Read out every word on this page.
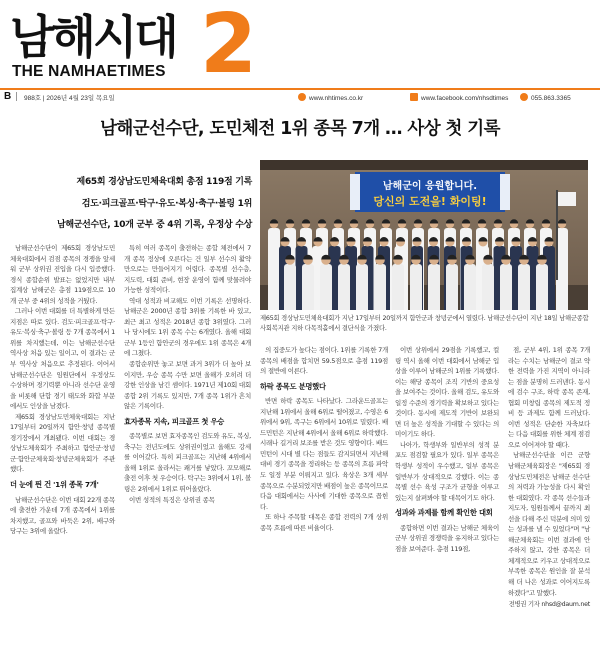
남해시대
THE NAMHAETIMES 2
B 988호 | 2026년 4월 23일 목요일	www.nhtimes.co.kr	www.facebook.com/nhsdtimes	055.863.3365
남해군선수단, 도민체전 1위 종목 7개 … 사상 첫 기록
제65회 경상남도민체육대회 총점 119점 기록
검도·피크골프·탁구·유도·복싱·축구·볼링 1위
남해군선수단, 10개 군부 중 4위 기록, 우정상 수상
남해군이 응원합니다.
당신의 도전을! 화이팅!
제65회 경상남도민체육대회가 지난 17일부터 20일까지 함안군과 창녕군에서 열렸다. 남해군선수단이 지난 18일 남해군종합사회복지관 지하 다목적홀에서 결단식을 가졌다.

남해군선수단이 제65회 경상남도민체육대회에서 검점 종목의 경쟁을 앞세워 군부 상위권 진입을 다시 입증했다. 경식 종합순위 발표는 없었지만 내부 집계상 남해군은 총점 119점으로 10개 군부 중 4위의 성적을 거뒀다.

그러나 이번 대회를 더 특별하게 만든 지점은 따로 있다. 검도·피크골프·탁구·유도·복싱·축구·볼링 등 7개 종목에서 1위를 차지했는데, 이는 남해군선수단 역사상 처음 있는 일이고, 이 결과는 군부 역사상 처음으로 추정된다. 이어서 남해군선수단은 임원단에서 우정상도 수상하며 경기력뿐 아니라 선수단 운영을 비롯해 단합 경기 태도와 화합 부문에서도 인상을 남겼다.

제65회 경상남도민체육대회는 지난 17일부터 20일까지 함안·창녕 종목별 경기장에서 개최됐다. 이번 대회는 경상남도체육회가 주최하고 함안군·창녕군·함안군체육회·창녕군체육회가 주관했다.

더 눈에 띈 건 '1위 종목 7개'

남해군선수단은 이번 대회 22개 종목에 출전한 가운데 7개 종목에서 1위를 차지했고, 골프와 바둑은 2위, 배구와 당구는 3위에 올랐다.

특히 여러 종목이 출전하는 종합 체전에서 7개 종목 정상에 오른다는 건 일부 선수의 활약만으로는 만들어지기 어렵다. 종목별 선수층, 지도력, 대회 준비, 현장 운영이 함께 맞물려야 가능한 성적이다.

역대 성적과 비교해도 이번 기록은 선명하다. 남해군은 2000년 종합 3위를 기록한 바 있고, 최근 최고 성적은 2018년 종합 3위였다. 그러나 당시에도 1위 종목 수는 6개였다. 올해 대회 군부 1등인 함안군의 경우에도 1위 종목은 4개에 그쳤다.

종합순위만 놓고 보면 과거 3위가 더 높아 보이지만, 우승 종목 수만 보면 올해가 오히려 더 강한 인상을 남긴 셈이다. 1971년 제10회 대회 종합 2위 기록도 있지만, 7개 종목 1위가 흔치 않은 기록이다.

효자종목 지속, 피크골프 첫 우승

종목별로 보면 효자종목인 검도와 유도, 복싱, 축구는 전년도에도 상위권이었고 올해도 강세를 이어갔다. 특히 피크골프는 지난해 4위에서 올해 1위로 올라서는 쾌거를 낳았다. 꼬모해로 출전 이후 첫 우승이다. 탁구는 3위에서 1위, 볼링은 2위에서 1위로 뛰어올랐다.

이번 성적의 특징은 상위권 종목

의 집중도가 높다는 점이다. 1위를 기록한 7개 종목의 배점을 합치면 59.5점으로 총점 119점의 절반에 이른다.

하락 종목도 분명했다

반면 하락 종목도 나타났다. 그라운드골프는 지난해 1위에서 올해 6위로 떨어졌고, 수영은 6위에서 9위, 족구는 6위에서 10위로 밀렸다. 배드민턴은 지난해 4위에서 올해 6위로 하락했다. 시래나 길거리 보조를 받은 것도 영향이다. 배드민턴이 시대 별 다는 점들도 감지되면서 지난해 대비 경기 종목을 정리하는 등 종목의 흐름 파악도 일정 부분 이뤄지고 있다. 육상은 3개 세부 종목으로 수분되었지만 배점이 높은 종목이므로 다음 대회에서는 사사에 기대한 종목으로 꼽힌다.

또 하나 주목할 대목은 종합 전력의 7개 상위 종목 흐름에 따른 비율이다.

이번 상위에서 29점을 기록했고, 컬링 역시 올해 이번 대회에서 남해군 입상을 이루어 남해군의 1위를 기록했다. 이는 해당 종목이 조직 기반의 중요성을 보여주는 것이다. 올해 검도, 유도와 일정 수준의 경기력을 확보하고 있다는 것이다. 동시에 제도적 기반이 보완되면 더 높은 성적을 기대할 수 있다는 의미이기도 하다.

나아가, 학생부와 일반부의 성적 분포도 점검할 필요가 있다. 일부 종목은 학생부 성적이 우수했고, 일부 종목은 일반부가 상대적으로 강했다. 이는 종목별 선수 육성 구조가 균형을 이루고 있는지 살펴봐야 할 대목이기도 하다.

성과와 과제를 함께 확인한 대회

종합하면 이번 결과는 남해군 체육이 군부 상위권 경쟁력을 유지하고 있다는 점을 보여준다. 총점 119점,

점, 군부 4위, 1위 종목 7개라는 수치는 남해군이 결코 약한 전력을 가진 지역이 아니라는 점을 분명히 드러낸다. 동시에 검수 구조, 하락 종목 존재, 협회 미창립 종목의 제도적 정비 등 과제도 함께 드러났다. 이번 성적은 단순한 자축보다는 다음 대회를 위한 체계 점검으로 이어져야 할 때다.

남해군선수단을 이끈 군향 남해군체육회장은 "제65회 경상남도민체전은 남해군 선수단의 저력과 가능성을 다시 확인한 대회였다. 각 종목 선수들과 지도자, 임원들께서 끝까지 최선을 다해 주신 덕분에 의미 있는 성과를 낼 수 있었다"며 "남해군체육회는 이번 결과에 안주하지 않고, 강한 종목은 더 체계적으로 키우고 상대적으로 부족한 종목은 원인을 잘 분석해 더 나은 성과로 이어지도록 하겠다"고 말했다.

전병권 기자 nhsd@daum.net
